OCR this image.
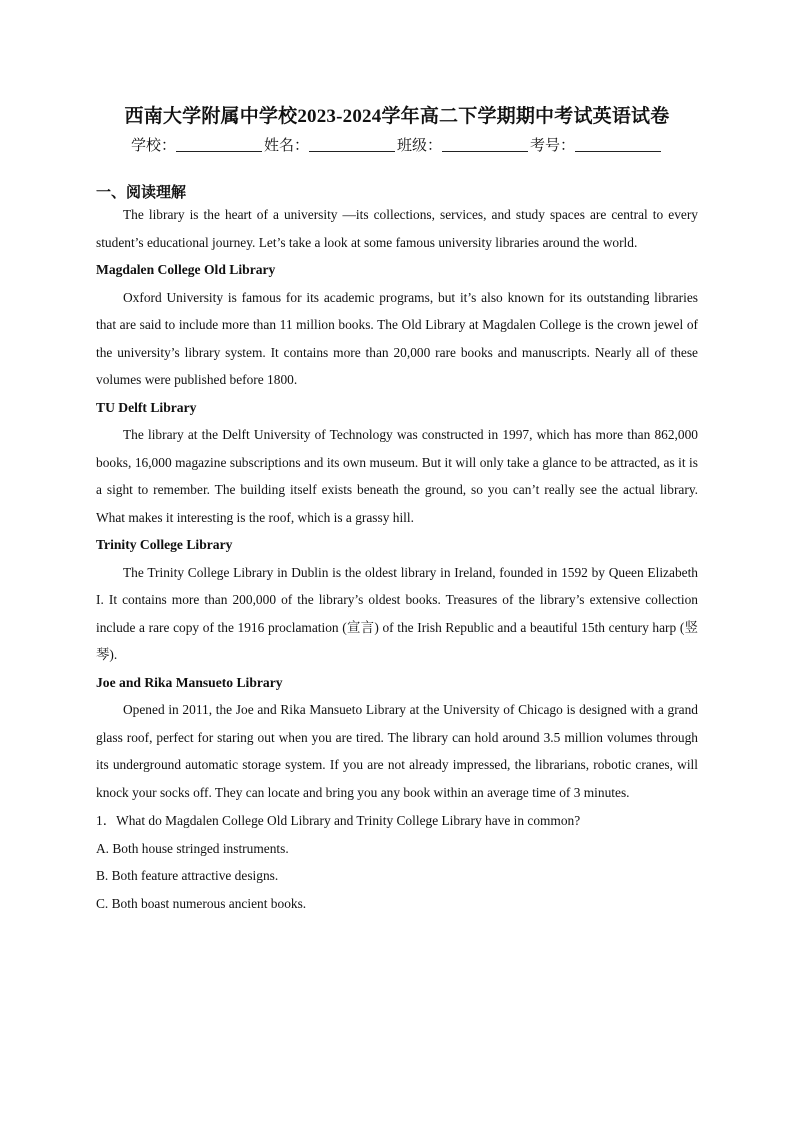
西南大学附属中学校2023-2024学年高二下学期期中考试英语试卷
学校：	姓名：	班级：	考号：
一、阅读理解

The library is the heart of a university —its collections, services, and study spaces are central to every student’s educational journey. Let’s take a look at some famous university libraries around the world.

Magdalen College Old Library

Oxford University is famous for its academic programs, but it’s also known for its outstanding libraries that are said to include more than 11 million books. The Old Library at Magdalen College is the crown jewel of the university’s library system. It contains more than 20,000 rare books and manuscripts. Nearly all of these volumes were published before 1800.

TU Delft Library

The library at the Delft University of Technology was constructed in 1997, which has more than 862,000 books, 16,000 magazine subscriptions and its own museum. But it will only take a glance to be attracted, as it is a sight to remember. The building itself exists beneath the ground, so you can’t really see the actual library. What makes it interesting is the roof, which is a grassy hill.

Trinity College Library

The Trinity College Library in Dublin is the oldest library in Ireland, founded in 1592 by Queen Elizabeth I. It contains more than 200,000 of the library’s oldest books. Treasures of the library’s extensive collection include a rare copy of the 1916 proclamation (宣言) of the Irish Republic and a beautiful 15th century harp (竖琴).

Joe and Rika Mansueto Library

Opened in 2011, the Joe and Rika Mansueto Library at the University of Chicago is designed with a grand glass roof, perfect for staring out when you are tired. The library can hold around 3.5 million volumes through its underground automatic storage system. If you are not already impressed, the librarians, robotic cranes, will knock your socks off. They can locate and bring you any book within an average time of 3 minutes.

1．What do Magdalen College Old Library and Trinity College Library have in common?

A. Both house stringed instruments.

B. Both feature attractive designs.

C. Both boast numerous ancient books.
